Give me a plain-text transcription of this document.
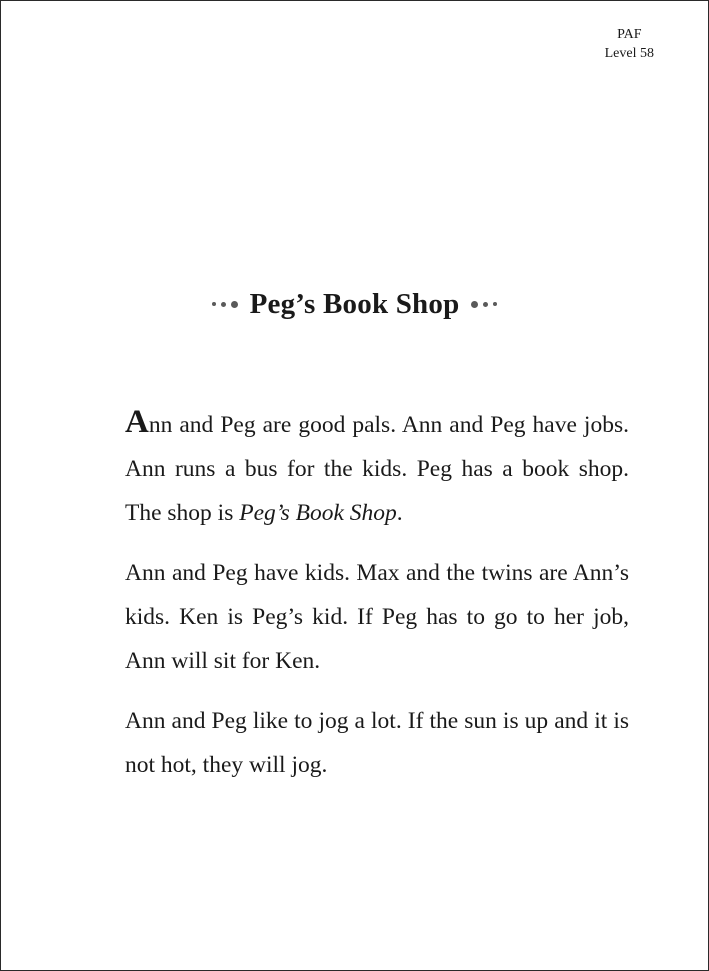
PAF
Level 58
Peg’s Book Shop

Ann and Peg are good pals. Ann and Peg have jobs. Ann runs a bus for the kids. Peg has a book shop. The shop is Peg’s Book Shop.

Ann and Peg have kids. Max and the twins are Ann’s kids. Ken is Peg’s kid. If Peg has to go to her job, Ann will sit for Ken.

Ann and Peg like to jog a lot. If the sun is up and it is not hot, they will jog.
